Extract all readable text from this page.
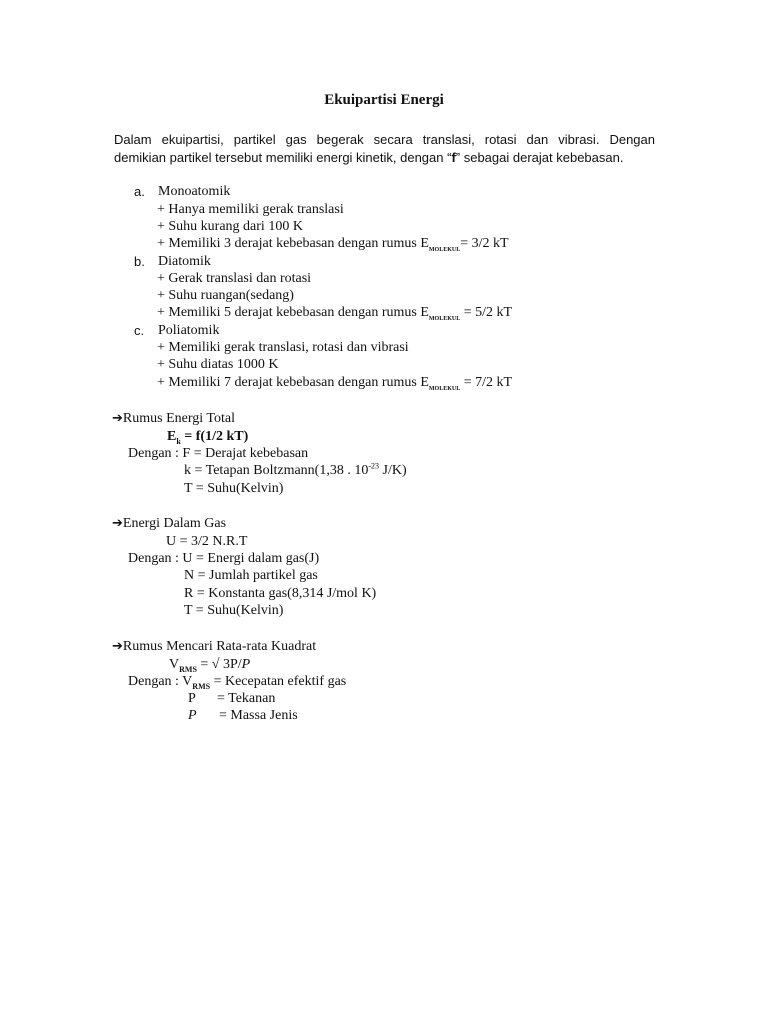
Ekuipartisi Energi
Dalam ekuipartisi, partikel gas begerak secara translasi, rotasi dan vibrasi. Dengan
demikian partikel tersebut memiliki energi kinetik, dengan “f” sebagai derajat kebebasan.
a. Monoatomik
+ Hanya memiliki gerak translasi
+ Suhu kurang dari 100 K
+ Memiliki 3 derajat kebebasan dengan rumus $E_{molekul}= 3/2$ kT
b. Diatomik
+ Gerak translasi dan rotasi
+ Suhu ruangan(sedang)
+ Memiliki 5 derajat kebebasan dengan rumus $E_{molekul} = 5/2$ kT
c. Poliatomik
+ Memiliki gerak translasi, rotasi dan vibrasi
+ Suhu diatas 1000 K
+ Memiliki 7 derajat kebebasan dengan rumus $E_{molekul} = 7/2$ kT
➔Rumus Energi Total
$E_k = f(1/2$ kT)
Dengan : F = Derajat kebebasan
k = Tetapan Boltzmann(1,38 . $10^{-23}$ J/K)
T = Suhu(Kelvin)
➔Energi Dalam Gas
U = 3/2 N.R.T
Dengan : U = Energi dalam gas(J)
N = Jumlah partikel gas
R = Konstanta gas(8,314 J/mol K)
T = Suhu(Kelvin)
➔Rumus Mencari Rata-rata Kuadrat
$V_{RMS}$ = √ 3P/P
Dengan : $V_{RMS}$ = Kecepatan efektif gas
P = Tekanan
P = Massa Jenis
